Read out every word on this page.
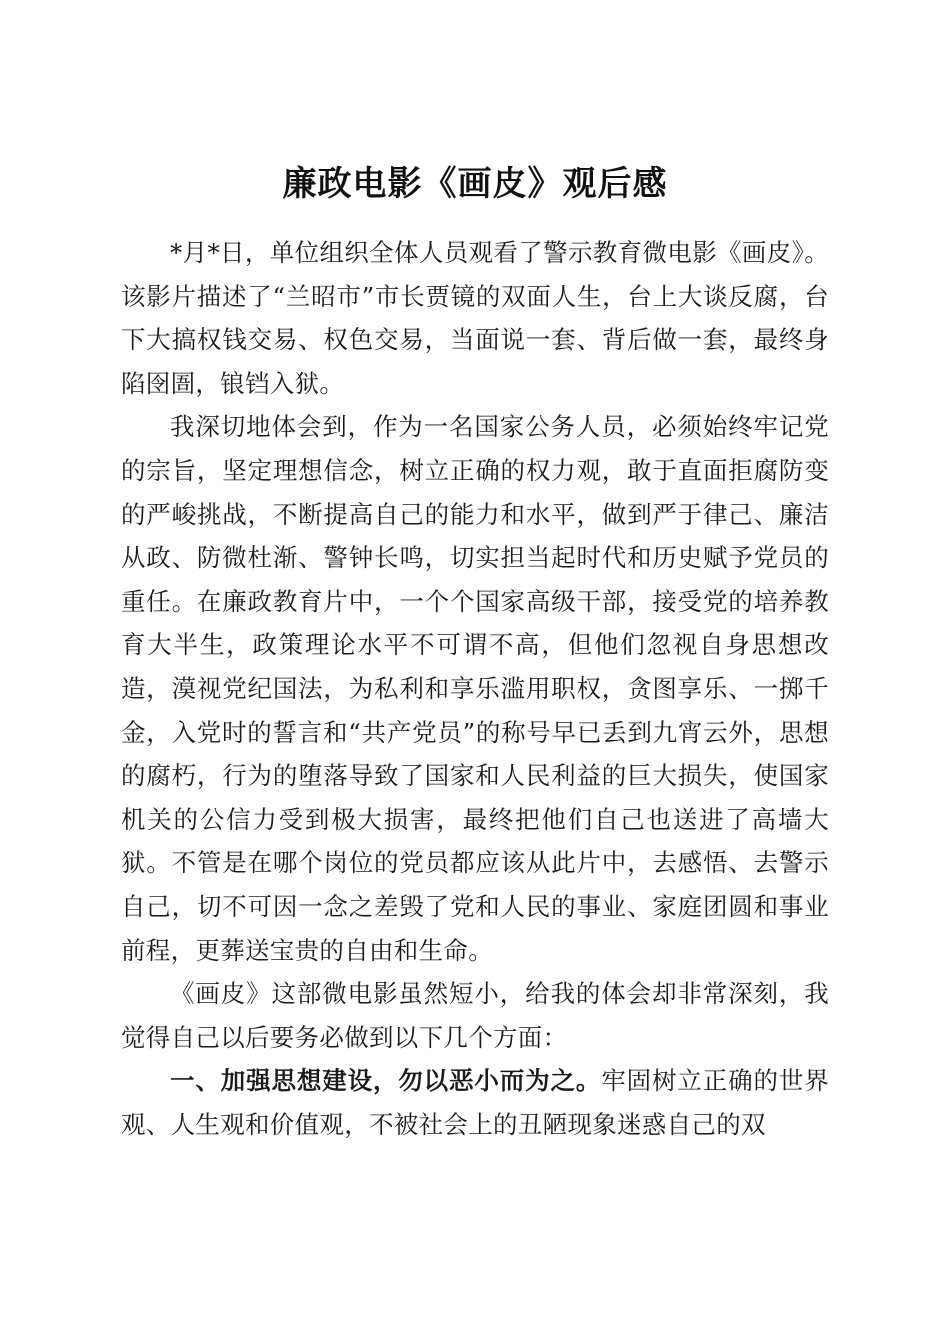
廉政电影《画皮》观后感

*月*日，单位组织全体人员观看了警示教育微电影《画皮》。该影片描述了“兰昭市”市长贾镜的双面人生，台上大谈反腐，台下大搞权钱交易、权色交易，当面说一套、背后做一套，最终身陷囹圄，锒铛入狱。

我深切地体会到，作为一名国家公务人员，必须始终牢记党的宗旨，坚定理想信念，树立正确的权力观，敢于直面拒腐防变的严峻挑战，不断提高自己的能力和水平，做到严于律己、廉洁从政、防微杜渐、警钟长鸣，切实担当起时代和历史赋予党员的重任。在廉政教育片中，一个个国家高级干部，接受党的培养教育大半生，政策理论水平不可谓不高，但他们忽视自身思想改造，漠视党纪国法，为私利和享乐滥用职权，贪图享乐、一掷千金，入党时的誓言和“共产党员”的称号早已丢到九宵云外，思想的腐朽，行为的堕落导致了国家和人民利益的巨大损失，使国家机关的公信力受到极大损害，最终把他们自己也送进了高墙大狱。不管是在哪个岗位的党员都应该从此片中，去感悟、去警示自己，切不可因一念之差毁了党和人民的事业、家庭团圆和事业前程，更葬送宝贵的自由和生命。

《画皮》这部微电影虽然短小，给我的体会却非常深刻，我觉得自己以后要务必做到以下几个方面：

一、加强思想建设，勿以恶小而为之。牢固树立正确的世界观、人生观和价值观，不被社会上的丑陋现象迷惑自己的双
